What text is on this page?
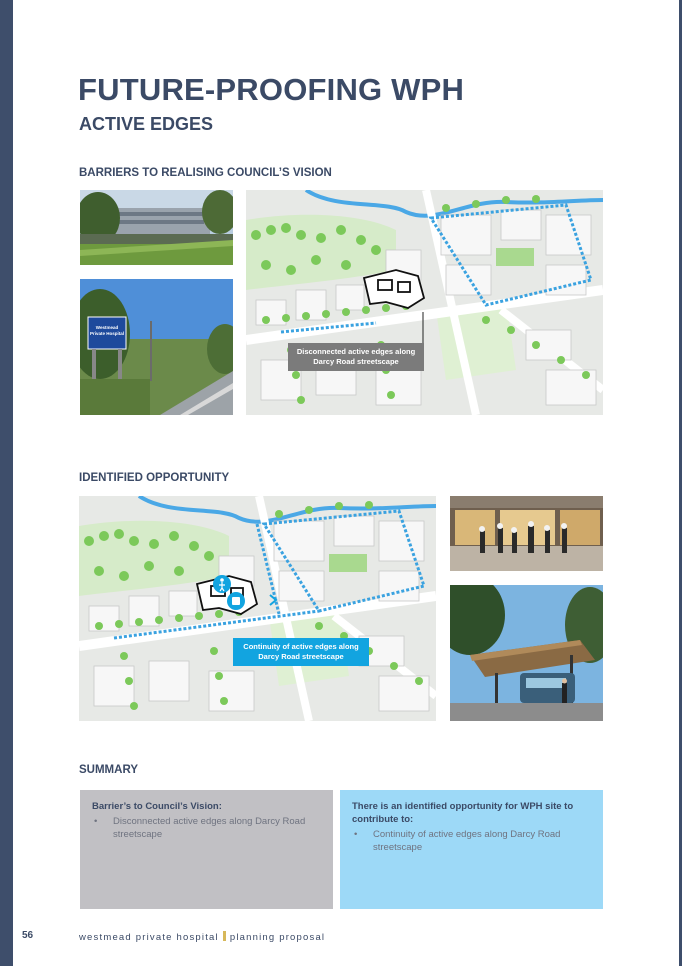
FUTURE-PROOFING WPH
ACTIVE EDGES
BARRIERS TO REALISING COUNCIL’S VISION
Westmead
Private Hospital
Disconnected active edges along Darcy Road streetscape
IDENTIFIED OPPORTUNITY
Continuity of active edges along Darcy Road streetscape
SUMMARY
Barrier’s to Council’s Vision:
• Disconnected active edges along Darcy Road streetscape
There is an identified opportunity for WPH site to contribute to:
• Continuity of active edges along Darcy Road streetscape
56	westmead private hospital planning proposal
